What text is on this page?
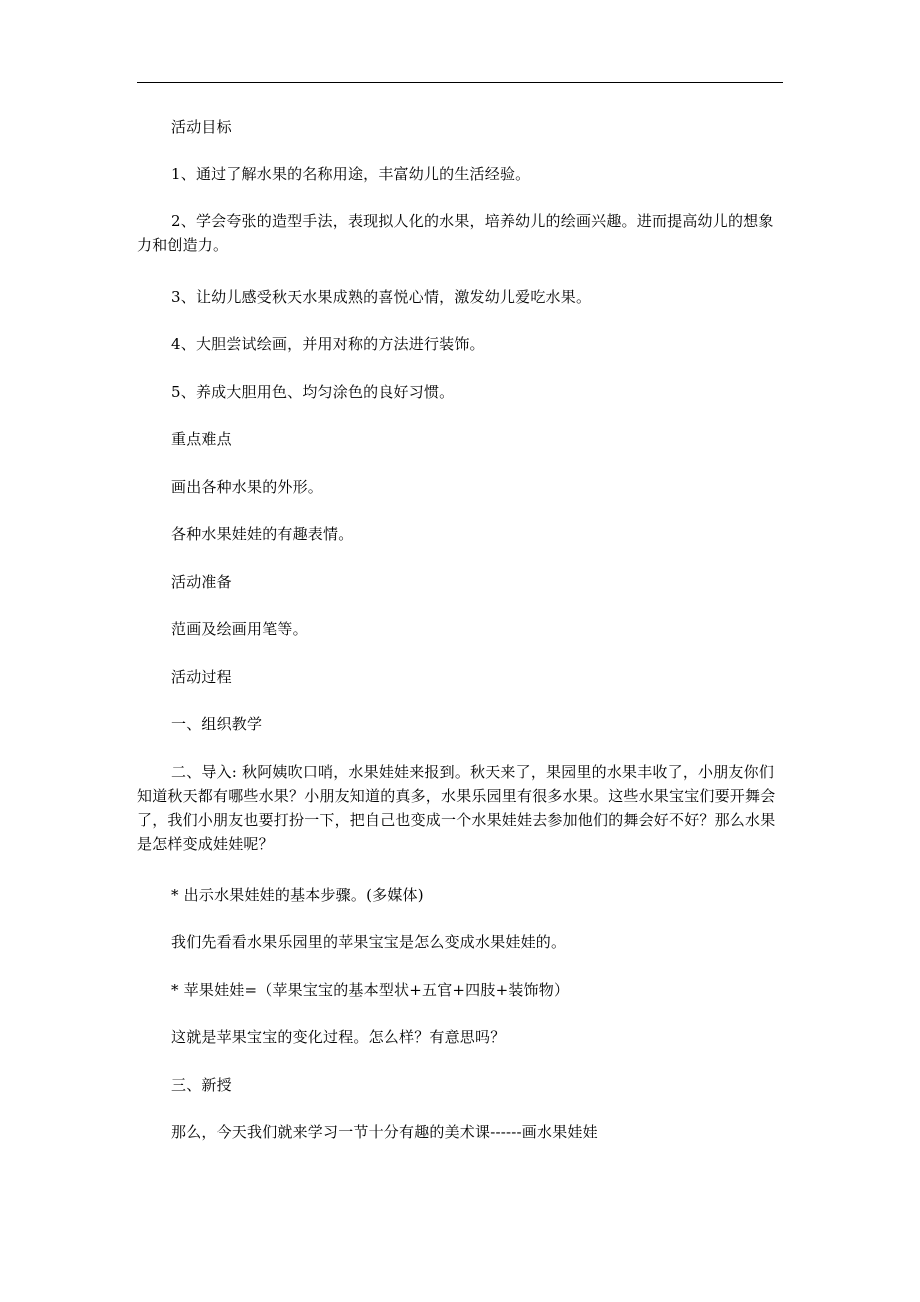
活动目标

1、通过了解水果的名称用途，丰富幼儿的生活经验。

2、学会夸张的造型手法，表现拟人化的水果，培养幼儿的绘画兴趣。进而提高幼儿的想象力和创造力。

3、让幼儿感受秋天水果成熟的喜悦心情，激发幼儿爱吃水果。

4、大胆尝试绘画，并用对称的方法进行装饰。

5、养成大胆用色、均匀涂色的良好习惯。

重点难点

画出各种水果的外形。

各种水果娃娃的有趣表情。

活动准备

范画及绘画用笔等。

活动过程

一、组织教学

二、导入: 秋阿姨吹口哨，水果娃娃来报到。秋天来了，果园里的水果丰收了，小朋友你们知道秋天都有哪些水果？小朋友知道的真多，水果乐园里有很多水果。这些水果宝宝们要开舞会了，我们小朋友也要打扮一下，把自己也变成一个水果娃娃去参加他们的舞会好不好？那么水果是怎样变成娃娃呢？

* 出示水果娃娃的基本步骤。(多媒体)

我们先看看水果乐园里的苹果宝宝是怎么变成水果娃娃的。

* 苹果娃娃=（苹果宝宝的基本型状+五官+四肢+装饰物）

这就是苹果宝宝的变化过程。怎么样？有意思吗？

三、新授

那么，今天我们就来学习一节十分有趣的美术课------画水果娃娃
